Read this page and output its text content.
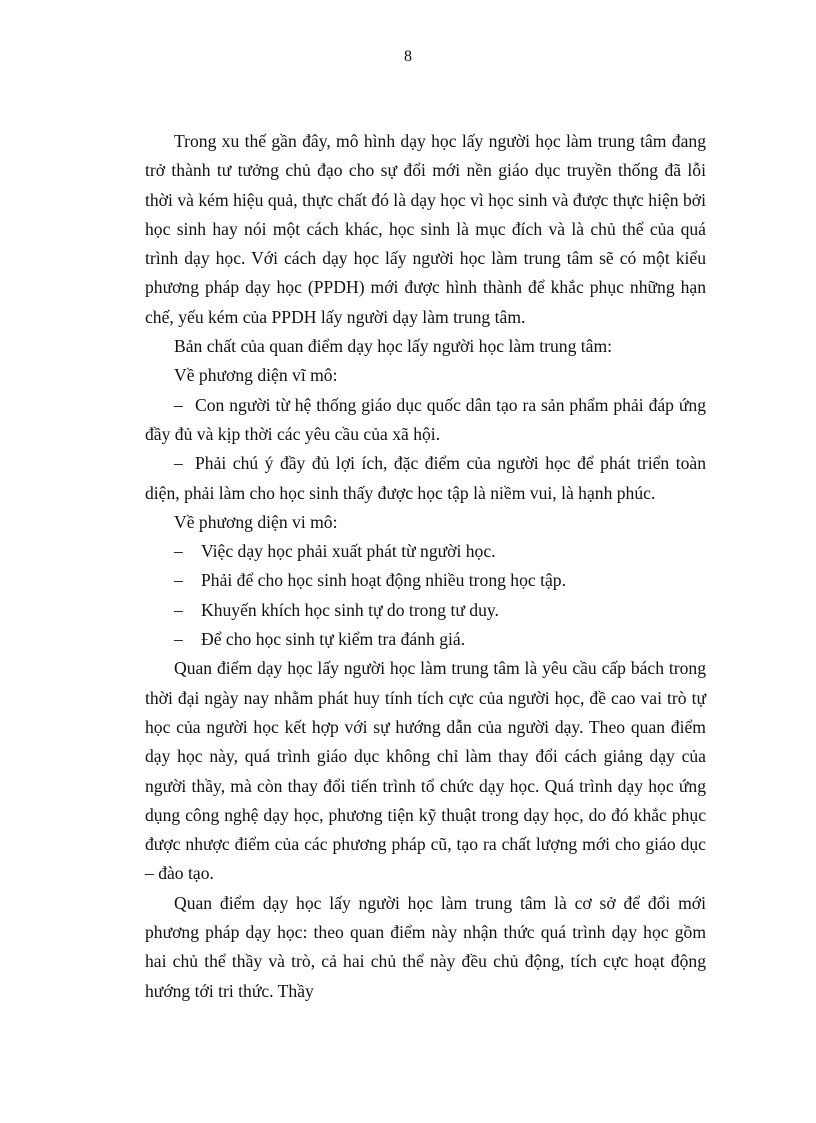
8

Trong xu thế gần đây, mô hình dạy học lấy người học làm trung tâm đang trở thành tư tưởng chủ đạo cho sự đổi mới nền giáo dục truyền thống đã lỗi thời và kém hiệu quả, thực chất đó là dạy học vì học sinh và được thực hiện bởi học sinh hay nói một cách khác, học sinh là mục đích và là chủ thể của quá trình dạy học. Với cách dạy học lấy người học làm trung tâm sẽ có một kiểu phương pháp dạy học (PPDH) mới được hình thành để khắc phục những hạn chế, yếu kém của PPDH lấy người dạy làm trung tâm.

Bản chất của quan điểm dạy học lấy người học làm trung tâm:

Về phương diện vĩ mô:

– Con người từ hệ thống giáo dục quốc dân tạo ra sản phẩm phải đáp ứng đầy đủ và kịp thời các yêu cầu của xã hội.

– Phải chú ý đầy đủ lợi ích, đặc điểm của người học để phát triển toàn diện, phải làm cho học sinh thấy được học tập là niềm vui, là hạnh phúc.

Về phương diện vi mô:

– Việc dạy học phải xuất phát từ người học.

– Phải để cho học sinh hoạt động nhiều trong học tập.

– Khuyến khích học sinh tự do trong tư duy.

– Để cho học sinh tự kiểm tra đánh giá.

Quan điểm dạy học lấy người học làm trung tâm là yêu cầu cấp bách trong thời đại ngày nay nhằm phát huy tính tích cực của người học, đề cao vai trò tự học của người học kết hợp với sự hướng dẫn của người dạy. Theo quan điểm dạy học này, quá trình giáo dục không chỉ làm thay đổi cách giảng dạy của người thầy, mà còn thay đổi tiến trình tổ chức dạy học. Quá trình dạy học ứng dụng công nghệ dạy học, phương tiện kỹ thuật trong dạy học, do đó khắc phục được nhược điểm của các phương pháp cũ, tạo ra chất lượng mới cho giáo dục – đào tạo.

Quan điểm dạy học lấy người học làm trung tâm là cơ sở để đổi mới phương pháp dạy học: theo quan điểm này nhận thức quá trình dạy học gồm hai chủ thể thầy và trò, cả hai chủ thể này đều chủ động, tích cực hoạt động hướng tới tri thức. Thầy
